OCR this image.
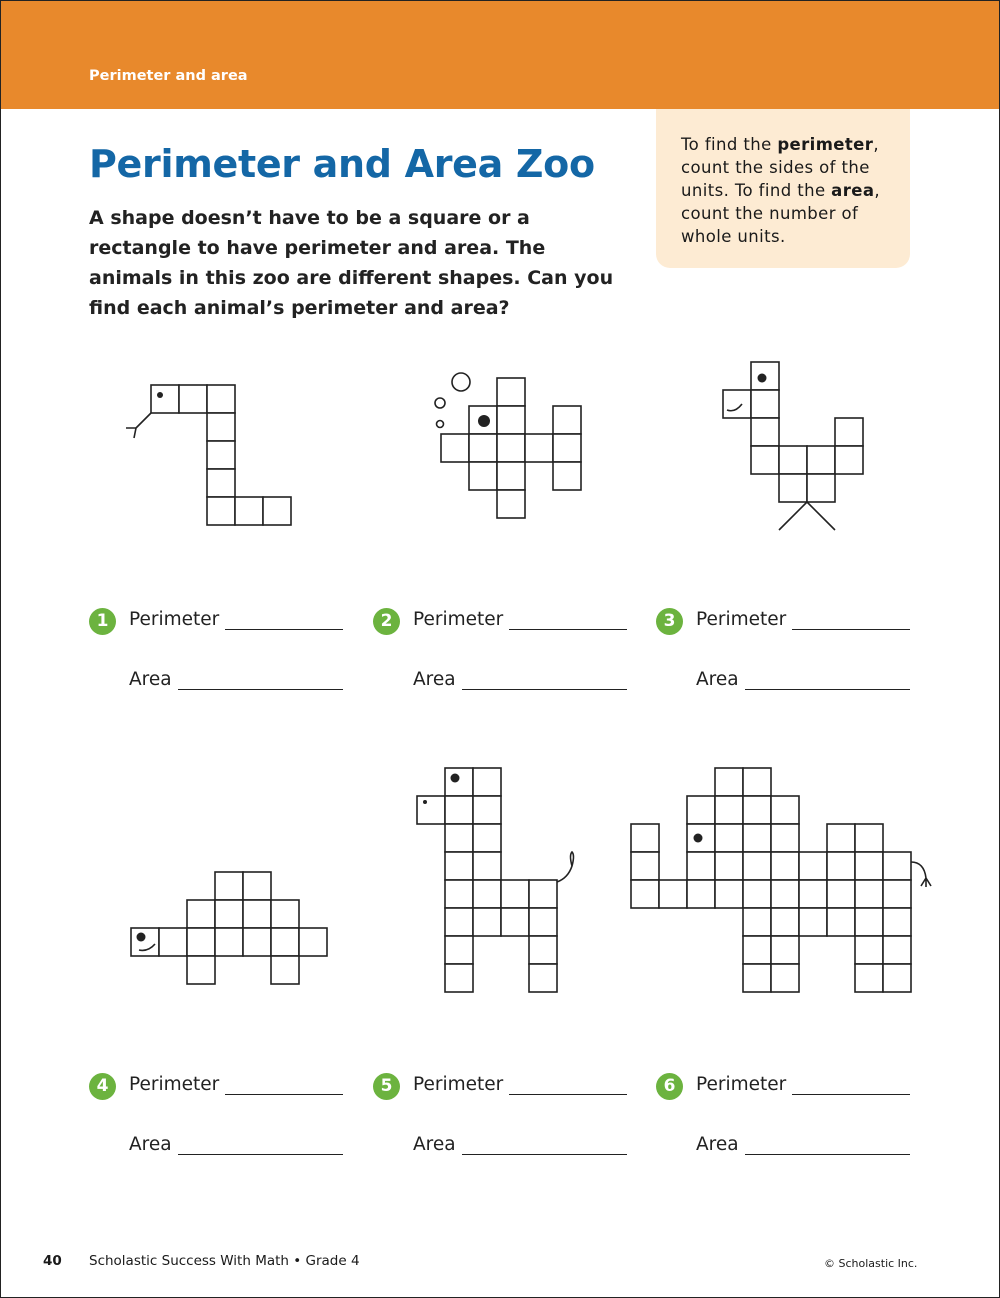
Perimeter and area
To find the perimeter, count the sides of the units. To find the area, count the number of whole units.
Perimeter and Area Zoo
A shape doesn’t have to be a square or a rectangle to have perimeter and area. The animals in this zoo are different shapes. Can you find each animal’s perimeter and area?
1	Perimeter
Area
2	Perimeter
Area
3	Perimeter
Area
4	Perimeter
Area
5	Perimeter
Area
6	Perimeter
Area
40 Scholastic Success With Math • Grade 4	© Scholastic Inc.
